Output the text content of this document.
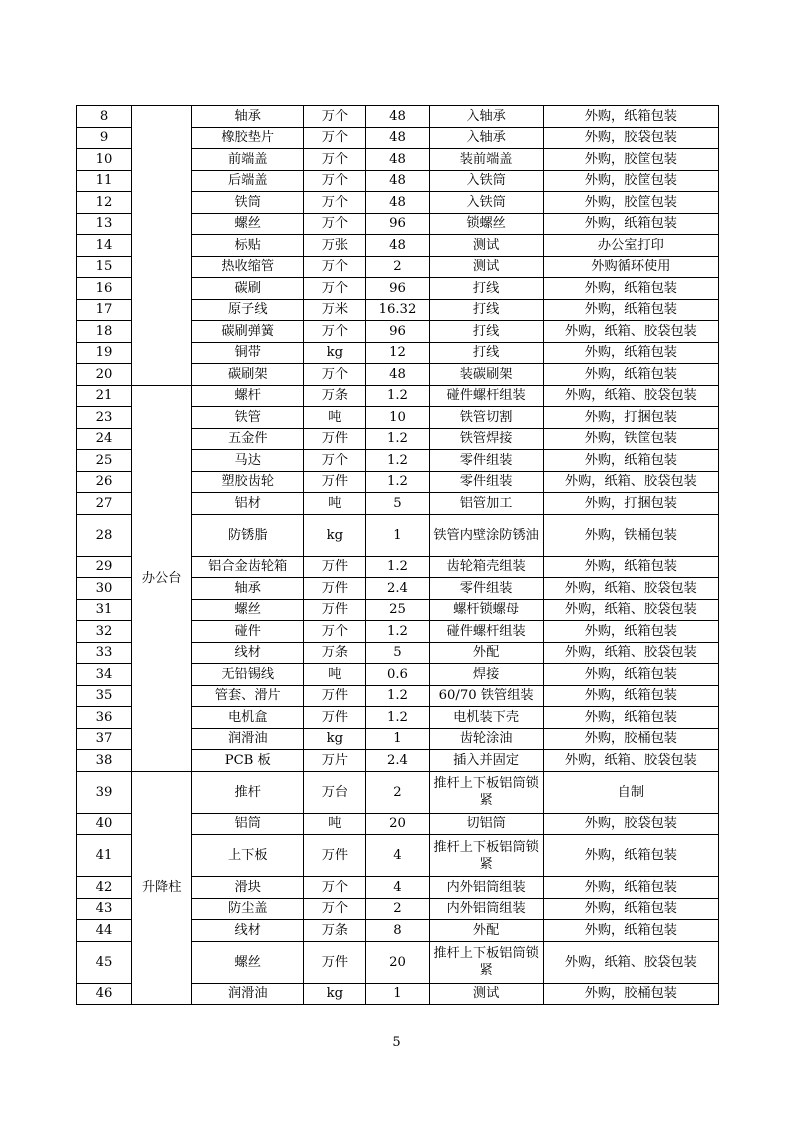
8		轴承	万个	48	入轴承	外购，纸箱包装
9		橡胶垫片	万个	48	入轴承	外购，胶袋包装
10		前端盖	万个	48	装前端盖	外购，胶筐包装
11		后端盖	万个	48	入铁筒	外购，胶筐包装
12		铁筒	万个	48	入铁筒	外购，胶筐包装
13		螺丝	万个	96	锁螺丝	外购，纸箱包装
14		标贴	万张	48	测试	办公室打印
15		热收缩管	万个	2	测试	外购循环使用
16		碳刷	万个	96	打线	外购，纸箱包装
17		原子线	万米	16.32	打线	外购，纸箱包装
18		碳刷弹簧	万个	96	打线	外购，纸箱、胶袋包装
19		铜带	kg	12	打线	外购，纸箱包装
20		碳刷架	万个	48	装碳刷架	外购，纸箱包装
21	办公台	螺杆	万条	1.2	碰件螺杆组装	外购，纸箱、胶袋包装
23		铁管	吨	10	铁管切割	外购，打捆包装
24		五金件	万件	1.2	铁管焊接	外购，铁筐包装
25		马达	万个	1.2	零件组装	外购，纸箱包装
26		塑胶齿轮	万件	1.2	零件组装	外购，纸箱、胶袋包装
27		铝材	吨	5	铝管加工	外购，打捆包装
28		防锈脂	kg	1	铁管内壁涂防锈油	外购，铁桶包装
29		铝合金齿轮箱	万件	1.2	齿轮箱壳组装	外购，纸箱包装
30		轴承	万件	2.4	零件组装	外购，纸箱、胶袋包装
31		螺丝	万件	25	螺杆锁螺母	外购，纸箱、胶袋包装
32		碰件	万个	1.2	碰件螺杆组装	外购，纸箱包装
33		线材	万条	5	外配	外购，纸箱、胶袋包装
34		无铅锡线	吨	0.6	焊接	外购，纸箱包装
35		管套、滑片	万件	1.2	60/70 铁管组装	外购，纸箱包装
36		电机盒	万件	1.2	电机装下壳	外购，纸箱包装
37		润滑油	kg	1	齿轮涂油	外购，胶桶包装
38		PCB 板	万片	2.4	插入并固定	外购，纸箱、胶袋包装
39	升降柱	推杆	万台	2	推杆上下板铝筒锁紧	自制
40		铝筒	吨	20	切铝筒	外购，胶袋包装
41		上下板	万件	4	推杆上下板铝筒锁紧	外购，纸箱包装
42		滑块	万个	4	内外铝筒组装	外购，纸箱包装
43		防尘盖	万个	2	内外铝筒组装	外购，纸箱包装
44		线材	万条	8	外配	外购，纸箱包装
45		螺丝	万件	20	推杆上下板铝筒锁紧	外购，纸箱、胶袋包装
46		润滑油	kg	1	测试	外购，胶桶包装
5
